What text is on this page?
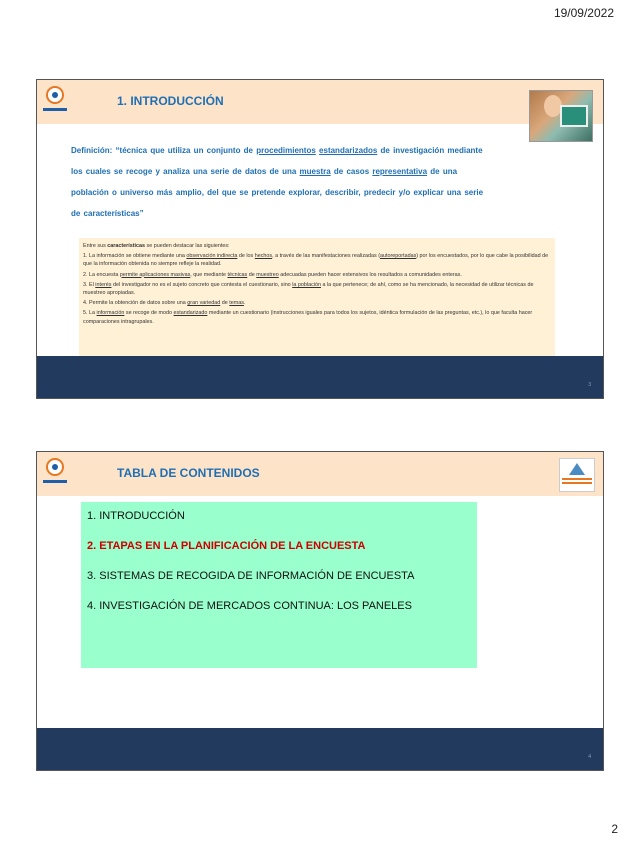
19/09/2022
1. INTRODUCCIÓN
Definición: “técnica que utiliza un conjunto de procedimientos estandarizados de investigación mediante
los cuales se recoge y analiza una serie de datos de una muestra de casos representativa de una
población o universo más amplio, del que se pretende explorar, describir, predecir y/o explicar una serie
de características”

Entre sus características se pueden destacar las siguientes:

1. La información se obtiene mediante una observación indirecta de los hechos, a través de las manifestaciones realizadas (autoreportadas) por los encuestados, por lo que cabe la posibilidad de que la información obtenida no siempre refleje la realidad.

2. La encuesta permite aplicaciones masivas, que mediante técnicas de muestreo adecuadas pueden hacer extensivos los resultados a comunidades enteras.

3. El interés del investigador no es el sujeto concreto que contesta el cuestionario, sino la población a la que pertenece; de ahí, como se ha mencionado, la necesidad de utilizar técnicas de muestreo apropiadas.

4. Permite la obtención de datos sobre una gran variedad de temas.

5. La información se recoge de modo estandarizado mediante un cuestionario (instrucciones iguales para todos los sujetos, idéntica formulación de las preguntas, etc.), lo que faculta hacer comparaciones intragrupales.

3
TABLA DE CONTENIDOS
1. INTRODUCCIÓN
2. ETAPAS EN LA PLANIFICACIÓN DE LA ENCUESTA
3. SISTEMAS DE RECOGIDA DE INFORMACIÓN DE ENCUESTA
4. INVESTIGACIÓN DE MERCADOS CONTINUA: LOS PANELES
4
2
